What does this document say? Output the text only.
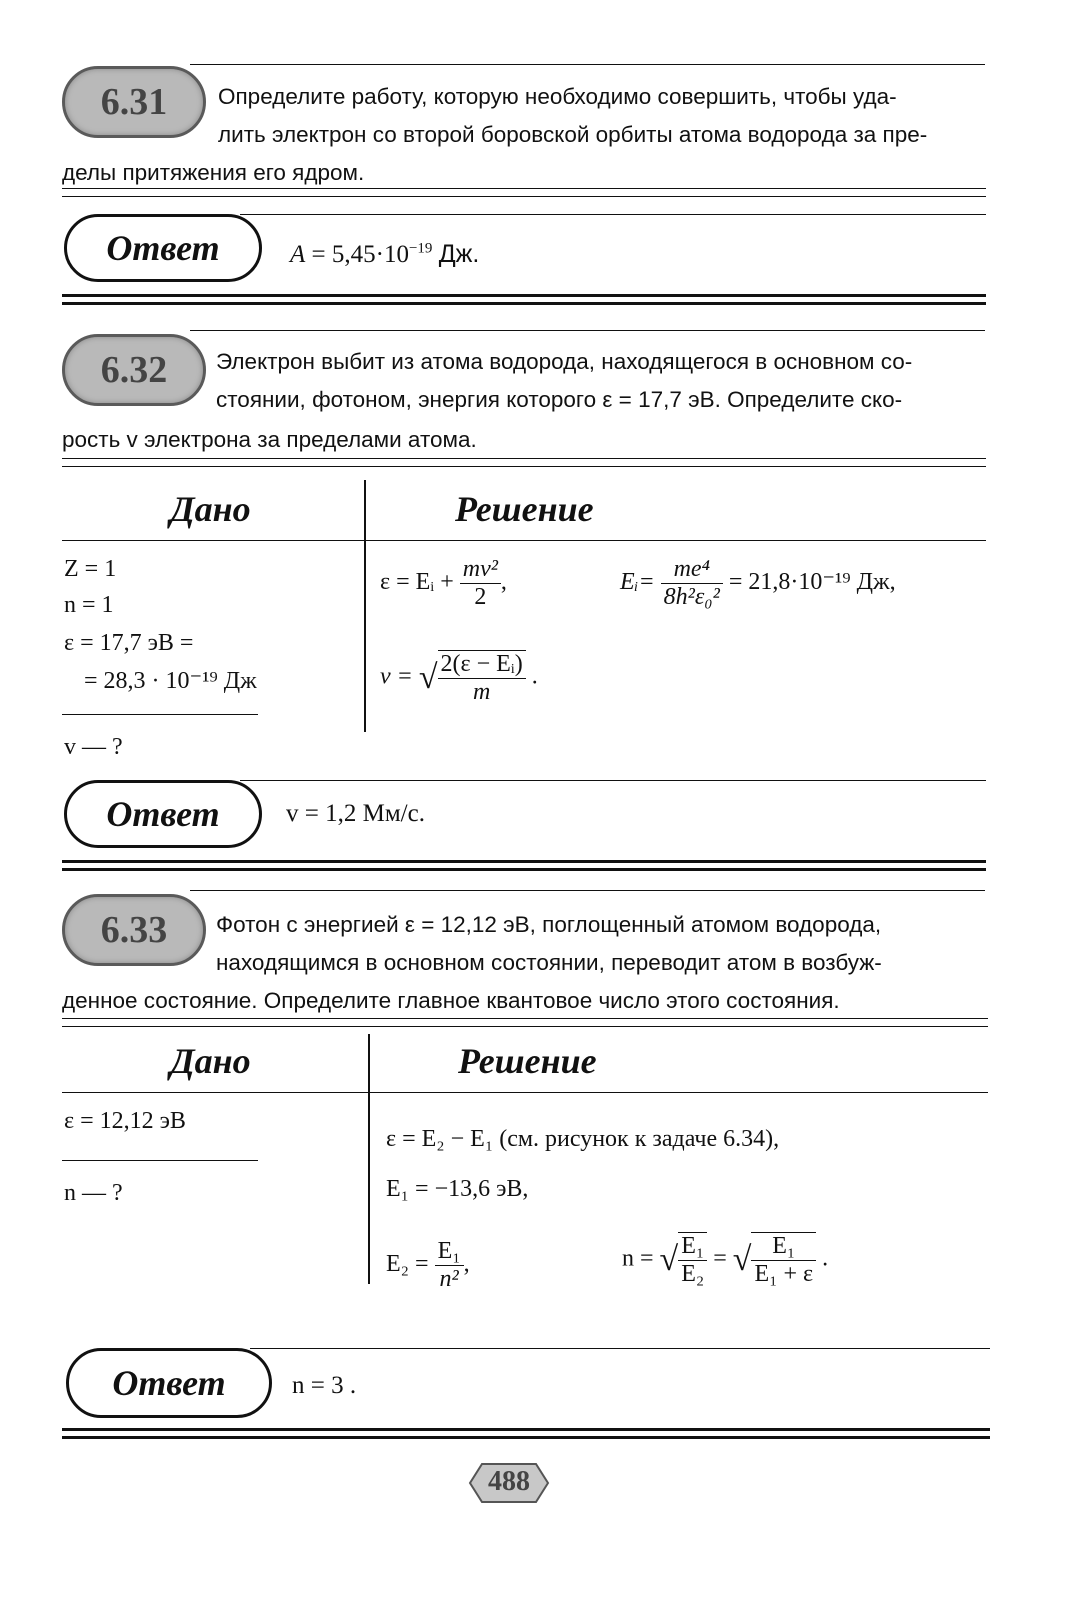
6.31 Определите работу, которую необходимо совершить, чтобы уда-
лить электрон со второй боровской орбиты атома водорода за пре-
делы притяжения его ядром.
Ответ	$A = 5,45\cdot 10^{-19}$ Дж.
6.32 Электрон выбит из атома водорода, находящегося в основном со-
стоянии, фотоном, энергия которого ε = 17,7 эВ. Определите ско-
рость v электрона за пределами атома.
Дано	Решение
Z = 1
n = 1
ε = 17,7 эВ =
= 28,3 · 10⁻¹⁹ Дж
v — ?
ε = Eᵢ + $\frac{\text{mv²}}{2}$ ,	Eᵢ= $\frac{\text{me⁴}}{\text{8h²ε₀²}} = 21,8\cdot 10^{-19}$ Дж,
v = √ $\frac{\text{2(ε − Eᵢ)}}{m}$ .
Ответ	v = 1,2 Мм/с.
6.33 Фотон с энергией ε = 12,12 эВ, поглощенный атомом водорода,
находящимся в основном состоянии, переводит атом в возбуж-
денное состояние. Определите главное квантовое число этого состояния.
Дано	Решение
ε = 12,12 эВ
n — ?
ε = E₂ − E₁ (см. рисунок к задаче 6.34),
E₁ = −13,6 эВ,
$E_2 = \frac{\text{E₁}}{\text{n²}}$ ,	n = √ $\frac{\text{E₁}}{\text{E₂}}$ = √ $\frac{\text{E₁}}{\text{E₁ + ε}}$ .
Ответ	n = 3 .
488
